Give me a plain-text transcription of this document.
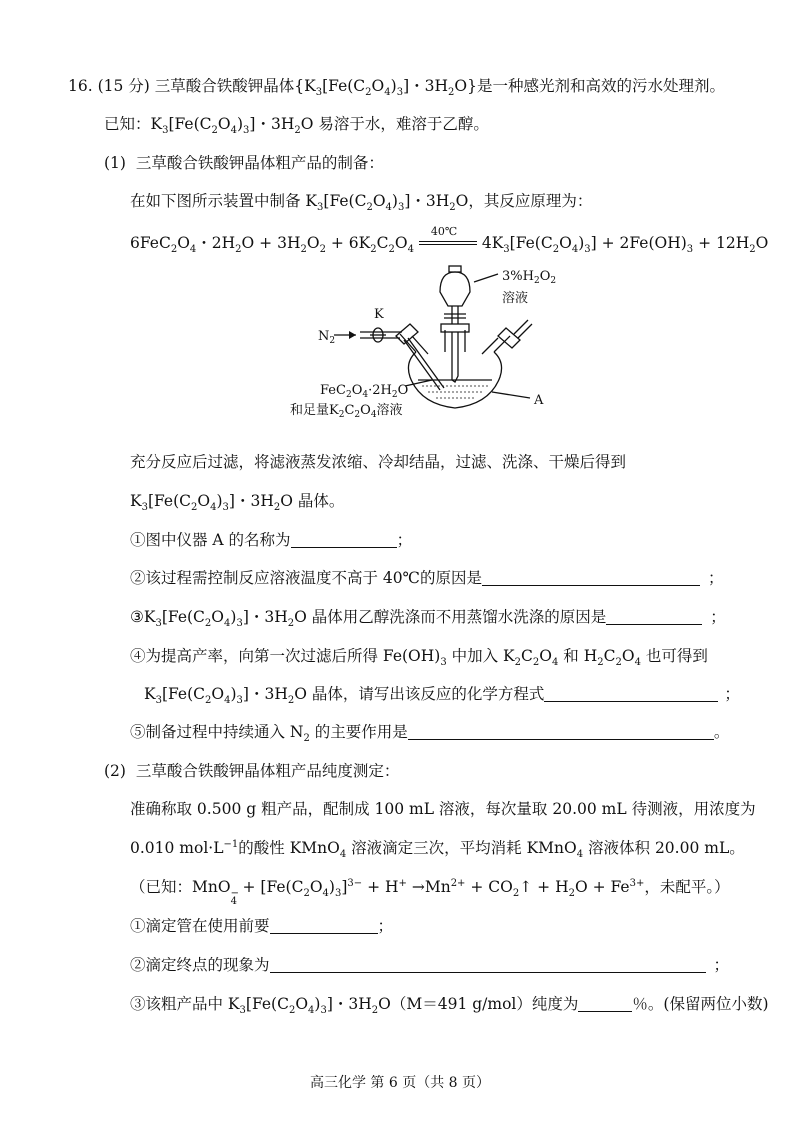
16. (15 分) 三草酸合铁酸钾晶体{$K_3[Fe(C_2O_4)_3]$・$3H_2O$}是一种感光剂和高效的污水处理剂。
已知：$K_3[Fe(C_2O_4)_3]$・$3H_2O$ 易溶于水，难溶于乙醇。
(1) 三草酸合铁酸钾晶体粗产品的制备：
在如下图所示装置中制备 $K_3[Fe(C_2O_4)_3]$・$3H_2O$，其反应原理为：
$6FeC_2O_4$・$2H_2O + 3H_2O_2 + 6K_2C_2O_4$
40℃
$4K_3[Fe(C_2O_4)_3] + 2Fe(OH)_3 + 12H_2O$
$3\%H_2O_2$
溶液
K
$N_2$
A
$FeC_2O_4\cdot 2H_2O$
和足量$K_2C_2O_4$溶液
充分反应后过滤，将滤液蒸发浓缩、冷却结晶，过滤、洗涤、干燥后得到
$K_3[Fe(C_2O_4)_3]$・$3H_2O$ 晶体。
①图中仪器 A 的名称为	；
②该过程需控制反应溶液温度不高于 40℃的原因是	；
$③K_3[Fe(C_2O_4)_3]$・$3H_2O$ 晶体用乙醇洗涤而不用蒸馏水洗涤的原因是	；
④为提高产率，向第一次过滤后所得 $Fe(OH)_3$ 中加入 $K_2C_2O_4$ 和 $H_2C_2O_4$ 也可得到
$K_3[Fe(C_2O_4)_3]$・$3H_2O$ 晶体，请写出该反应的化学方程式	；
⑤制备过程中持续通入 $N_2$ 的主要作用是	。
(2) 三草酸合铁酸钾晶体粗产品纯度测定：
准确称取 0.500 g 粗产品，配制成 100 mL 溶液，每次量取 20.00 mL 待测液，用浓度为
0.010 $mol\cdot L^{-1}$的酸性 KMnO$_4$ 溶液滴定三次，平均消耗 KMnO$_4$ 溶液体积 20.00 mL。
（已知：MnO −
4
+ $[Fe(C_2O_4)_3]^{3-} + H^+ \to Mn^{2+}$ + $CO_2↑ + H_2O + Fe^{3+}$，未配平。）
①滴定管在使用前要	；
②滴定终点的现象为	；
③该粗产品中 $K_3[Fe(C_2O_4)_3]$・$3H_2O(M=491$ g/mol）纯度为	％。(保留两位小数)
高三化学 第 6 页（共 8 页）
